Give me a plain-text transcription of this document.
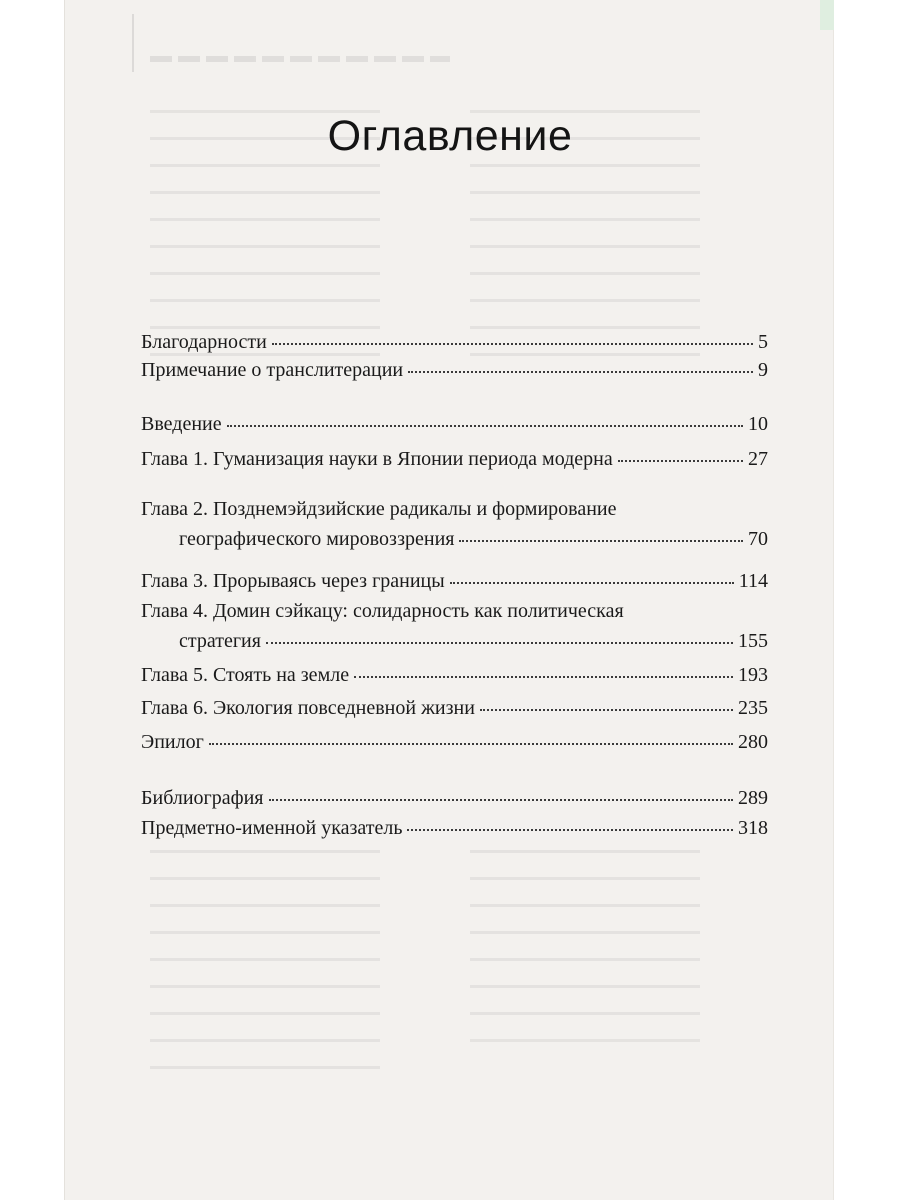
Оглавление
Благодарности	5
Примечание о транслитерации	9
Введение	10
Глава 1. Гуманизация науки в Японии периода модерна	27
Глава 2. Позднемэйдзийские радикалы и формирование
географического мировоззрения	70
Глава 3. Прорываясь через границы	114
Глава 4. Домин сэйкацу: солидарность как политическая
стратегия	155
Глава 5. Стоять на земле	193
Глава 6. Экология повседневной жизни	235
Эпилог	280
Библиография	289
Предметно-именной указатель	318
